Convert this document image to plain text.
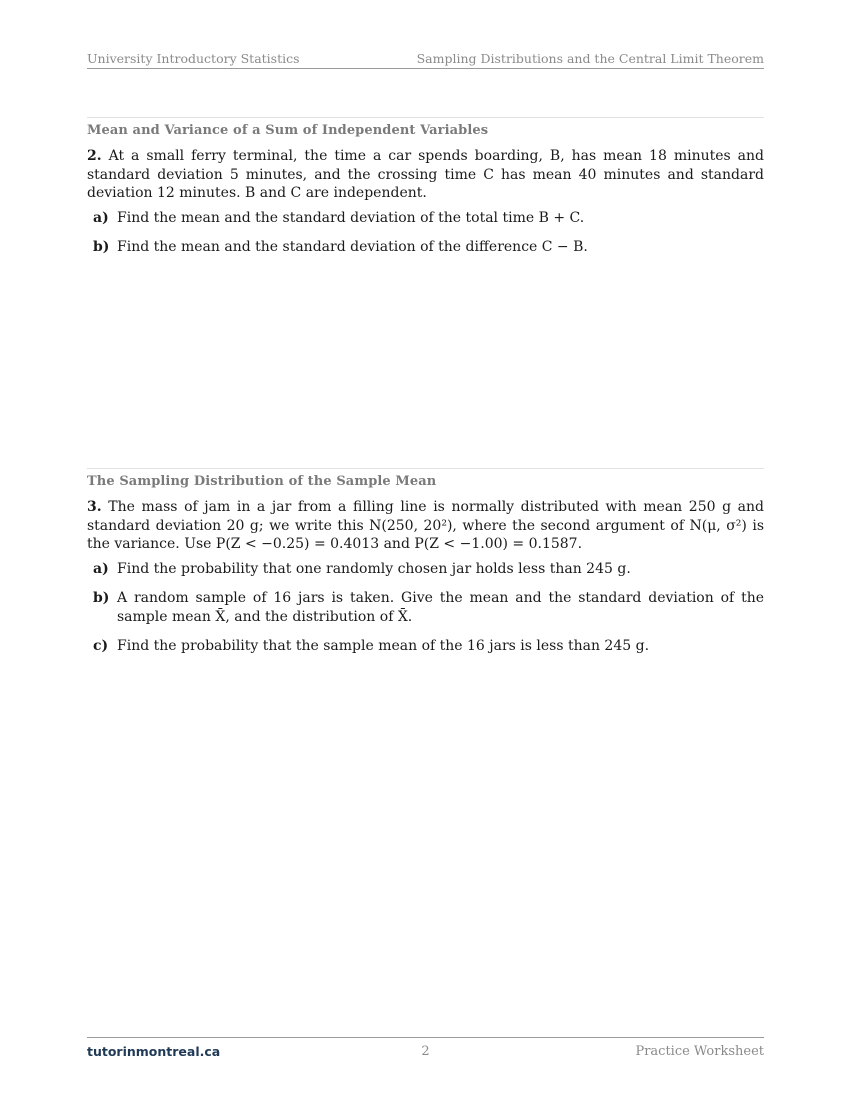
University Introductory Statistics	Sampling Distributions and the Central Limit Theorem
Mean and Variance of a Sum of Independent Variables
2. At a small ferry terminal, the time a car spends boarding, B, has mean 18 minutes and standard deviation 5 minutes, and the crossing time C has mean 40 minutes and standard deviation 12 minutes. B and C are independent.
a) Find the mean and the standard deviation of the total time B + C.
b) Find the mean and the standard deviation of the difference C − B.
The Sampling Distribution of the Sample Mean
3. The mass of jam in a jar from a filling line is normally distributed with mean 250 g and standard deviation 20 g; we write this N(250, 20²), where the second argument of N(μ, σ²) is the variance. Use P(Z < −0.25) = 0.4013 and P(Z < −1.00) = 0.1587.
a) Find the probability that one randomly chosen jar holds less than 245 g.
b) A random sample of 16 jars is taken. Give the mean and the standard deviation of the sample mean X̄, and the distribution of X̄.
c) Find the probability that the sample mean of the 16 jars is less than 245 g.
tutorinmontreal.ca	2	Practice Worksheet
